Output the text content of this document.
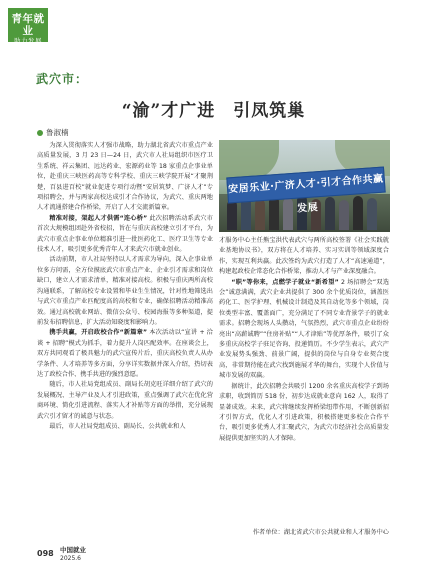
青年就业
助力发展
武穴市：
“渝”才广进 引凤筑巢
鲁淑楠

为深入贯彻落实人才强市战略，助力湖北省武穴市重点产业高质量发展，3 月 23 日—24 日，武穴市人社局组织市医疗卫生系统、祥云集团、远达药业、宏源药业等 18 家重点企事业单位，赴重庆三峡医药高等专科学校、重庆三峡学院开展“才聚荆楚，百县进百校”就业促进专项行动暨“安居筑梦、广济人才”专项招聘会，并与两家高校达成引才合作协议，为武穴、重庆两地人才流通搭建合作桥梁，开启了人才交流新篇章。

精准对接，架起人才供需“连心桥” 此次招聘活动系武穴市首次大规模组团赴外省校招，旨在与重庆高校建立引才平台，为武穴市重点企事业单位精准引进一批医药化工、医疗卫生等专业技术人才，吸引更多优秀青年人才来武穴市就业创业。

活动前期，市人社局坚持以人才需求为导向，深入企事业单位多方问需，全方位摸底武穴市重点产业、企业引才需求和岗位缺口，建立人才需求清单，精准对接高校。积极与重庆两所高校沟通联系，了解高校专业设置和毕业生生情况，针对性地筛选出与武穴市重点产业匹配度高的高校和专业，确保招聘活动精准高效。通过高校就业网站、微信公众号、校园海报等多种渠道，提前发布招聘信息，扩大活动知晓度和影响力。

携手共赢，开启政校合作“新篇章” 本次活动以“宣讲 + 洽谈 + 招聘”模式为抓手，着力提升人岗匹配效率。在座谈会上，双方共同观看了极具魅力的武穴宣传片后，重庆高校负责人从办学条件、人才培养等多方面，分享详实数据并深入介绍，热切表达了政校合作、携手共进的强烈意愿。

随后，市人社局党组成员、副局长胡克旺详细介绍了武穴的发展概况、主导产业及人才引进政策，重点强调了武穴在优化营商环境、简化引进流程、落实人才补贴等方面的举措，充分展现武穴引才留才的诚意与状态。

最后，市人社局党组成员、副局长、公共就业和人

安居乐业·广济人才·引才合作共赢发展

才服务中心主任熊宝洪代表武穴与两所高校签署《社会实践就业基地协议书》，双方将在人才培养、实习实训等领域深度合作，实现互利共赢。此次签约为武穴打造了人才“高速通道”，构建起政校企常态化合作桥梁，推动人才与产业深度融合。

“职”等你来，点燃学子就业“新希望” 2 场招聘会“双选会”诚意满满，武穴企业共提供了 300 余个优质岗位，涵盖医药化工、医学护理、机械设计制造及其自动化等多个领域，岗位类型丰富、覆盖面广，充分满足了不同专业背景学子的就业需求。招聘会现场人头攒动，气氛热烈，武穴市重点企业纷纷亮出“高薪诚聘”“住房补贴”“人才津贴”等优厚条件，吸引了众多重庆高校学子驻足咨询、投递简历。不少学生表示，武穴产业发展势头强劲、前景广阔，提供的岗位与自身专业契合度高，非常期待能在武穴找到施展才华的舞台，实现个人价值与城市发展的双赢。

据统计，此次招聘会共吸引 1200 余名重庆高校学子到场求职，收到简历 518 份，初步达成就业意向 162 人，取得了显著成效。未来，武穴将继续发挥桥梁纽带作用，不断创新招才引智方式，优化人才引进政策，积极搭建更多校企合作平台，吸引更多优秀人才汇聚武穴，为武穴市经济社会高质量发展提供更加坚实的人才保障。

作者单位：湖北省武穴市公共就业和人才服务中心
098 中国就业
2025.6
